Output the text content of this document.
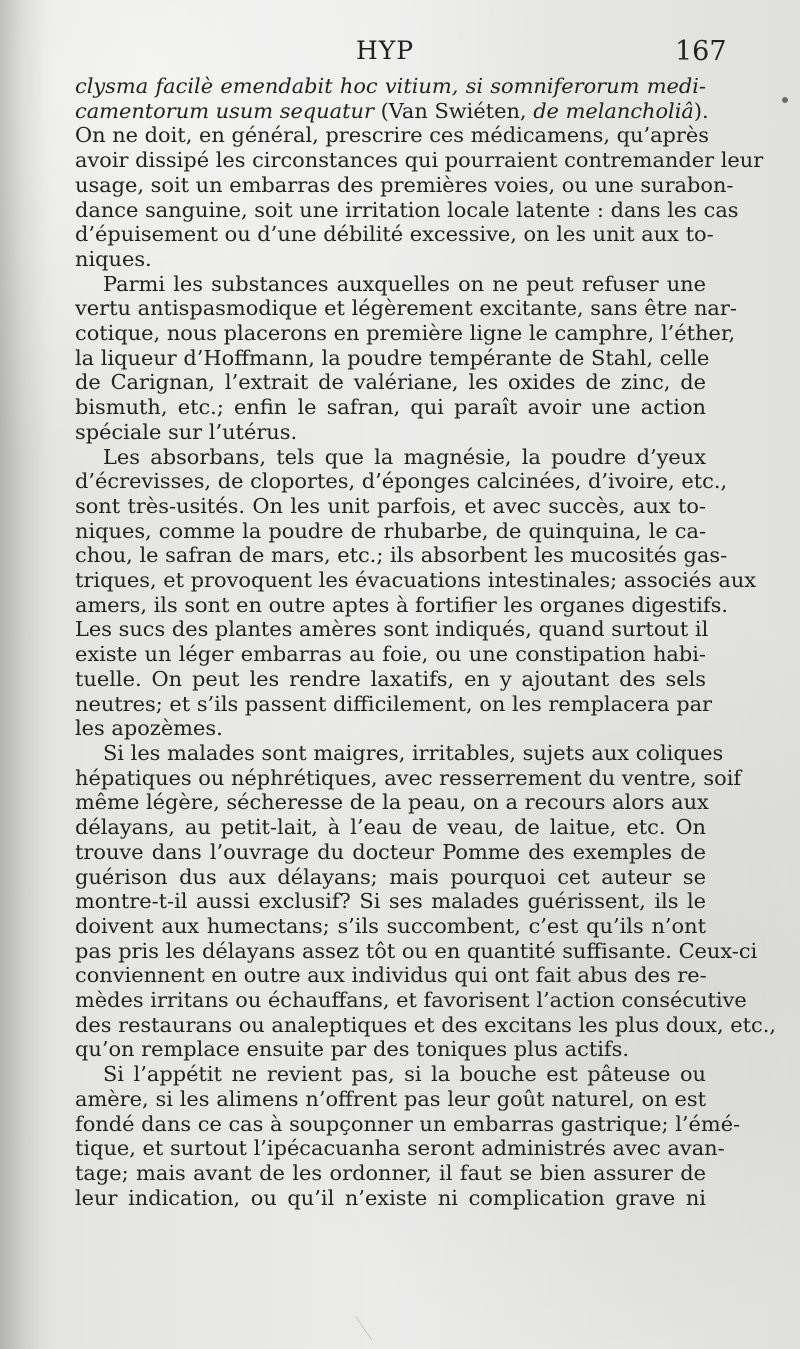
HYP	167
clysma facilè emendabit hoc vitium, si somniferorum medi-
camentorum usum sequatur (Van Swiéten, de melancholiâ).
On ne doit, en général, prescrire ces médicamens, qu’après
avoir dissipé les circonstances qui pourraient contremander leur
usage, soit un embarras des premières voies, ou une surabon-
dance sanguine, soit une irritation locale latente : dans les cas
d’épuisement ou d’une débilité excessive, on les unit aux to-
niques.
Parmi les substances auxquelles on ne peut refuser une
vertu antispasmodique et légèrement excitante, sans être nar-
cotique, nous placerons en première ligne le camphre, l’éther,
la liqueur d’Hoffmann, la poudre tempérante de Stahl, celle
de Carignan, l’extrait de valériane, les oxides de zinc, de
bismuth, etc.; enfin le safran, qui paraît avoir une action
spéciale sur l’utérus.
Les absorbans, tels que la magnésie, la poudre d’yeux
d’écrevisses, de cloportes, d’éponges calcinées, d’ivoire, etc.,
sont très-usités. On les unit parfois, et avec succès, aux to-
niques, comme la poudre de rhubarbe, de quinquina, le ca-
chou, le safran de mars, etc.; ils absorbent les mucosités gas-
triques, et provoquent les évacuations intestinales; associés aux
amers, ils sont en outre aptes à fortifier les organes digestifs.
Les sucs des plantes amères sont indiqués, quand surtout il
existe un léger embarras au foie, ou une constipation habi-
tuelle. On peut les rendre laxatifs, en y ajoutant des sels
neutres; et s’ils passent difficilement, on les remplacera par
les apozèmes.
Si les malades sont maigres, irritables, sujets aux coliques
hépatiques ou néphrétiques, avec resserrement du ventre, soif
même légère, sécheresse de la peau, on a recours alors aux
délayans, au petit-lait, à l’eau de veau, de laitue, etc. On
trouve dans l’ouvrage du docteur Pomme des exemples de
guérison dus aux délayans; mais pourquoi cet auteur se
montre-t-il aussi exclusif? Si ses malades guérissent, ils le
doivent aux humectans; s’ils succombent, c’est qu’ils n’ont
pas pris les délayans assez tôt ou en quantité suffisante. Ceux-ci
conviennent en outre aux individus qui ont fait abus des re-
mèdes irritans ou échauffans, et favorisent l’action consécutive
des restaurans ou analeptiques et des excitans les plus doux, etc.,
qu’on remplace ensuite par des toniques plus actifs.
Si l’appétit ne revient pas, si la bouche est pâteuse ou
amère, si les alimens n’offrent pas leur goût naturel, on est
fondé dans ce cas à soupçonner un embarras gastrique; l’émé-
tique, et surtout l’ipécacuanha seront administrés avec avan-
tage; mais avant de les ordonner, il faut se bien assurer de
leur indication, ou qu’il n’existe ni complication grave ni
